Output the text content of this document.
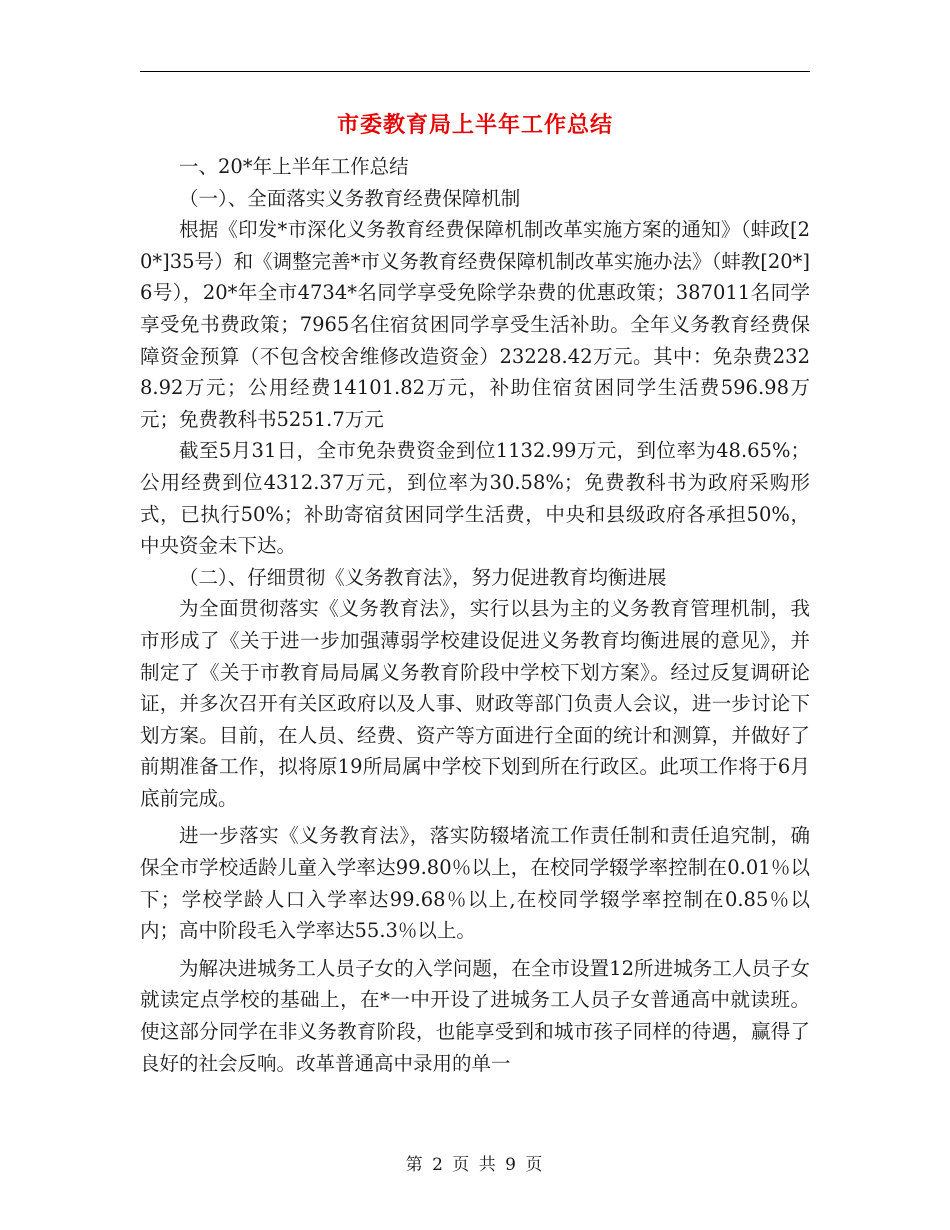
市委教育局上半年工作总结

一、20*年上半年工作总结

（一）、全面落实义务教育经费保障机制

根据《印发*市深化义务教育经费保障机制改革实施方案的通知》（蚌政[20*]35号）和《调整完善*市义务教育经费保障机制改革实施办法》（蚌教[20*]6号），20*年全市4734*名同学享受免除学杂费的优惠政策；387011名同学享受免书费政策；7965名住宿贫困同学享受生活补助。全年义务教育经费保障资金预算（不包含校舍维修改造资金）23228.42万元。其中：免杂费2328.92万元；公用经费14101.82万元，补助住宿贫困同学生活费596.98万元；免费教科书5251.7万元

截至5月31日，全市免杂费资金到位1132.99万元，到位率为48.65%；公用经费到位4312.37万元，到位率为30.58%；免费教科书为政府采购形式，已执行50%；补助寄宿贫困同学生活费，中央和县级政府各承担50%，中央资金未下达。

（二）、仔细贯彻《义务教育法》，努力促进教育均衡进展

为全面贯彻落实《义务教育法》，实行以县为主的义务教育管理机制，我市形成了《关于进一步加强薄弱学校建设促进义务教育均衡进展的意见》，并制定了《关于市教育局局属义务教育阶段中学校下划方案》。经过反复调研论证，并多次召开有关区政府以及人事、财政等部门负责人会议，进一步讨论下划方案。目前，在人员、经费、资产等方面进行全面的统计和测算，并做好了前期准备工作，拟将原19所局属中学校下划到所在行政区。此项工作将于6月底前完成。

进一步落实《义务教育法》，落实防辍堵流工作责任制和责任追究制，确保全市学校适龄儿童入学率达99.80％以上，在校同学辍学率控制在0.01％以下；学校学龄人口入学率达99.68％以上,在校同学辍学率控制在0.85％以内；高中阶段毛入学率达55.3％以上。

为解决进城务工人员子女的入学问题，在全市设置12所进城务工人员子女就读定点学校的基础上，在*一中开设了进城务工人员子女普通高中就读班。使这部分同学在非义务教育阶段，也能享受到和城市孩子同样的待遇，赢得了良好的社会反响。改革普通高中录用的单一

第 2 页 共 9 页
